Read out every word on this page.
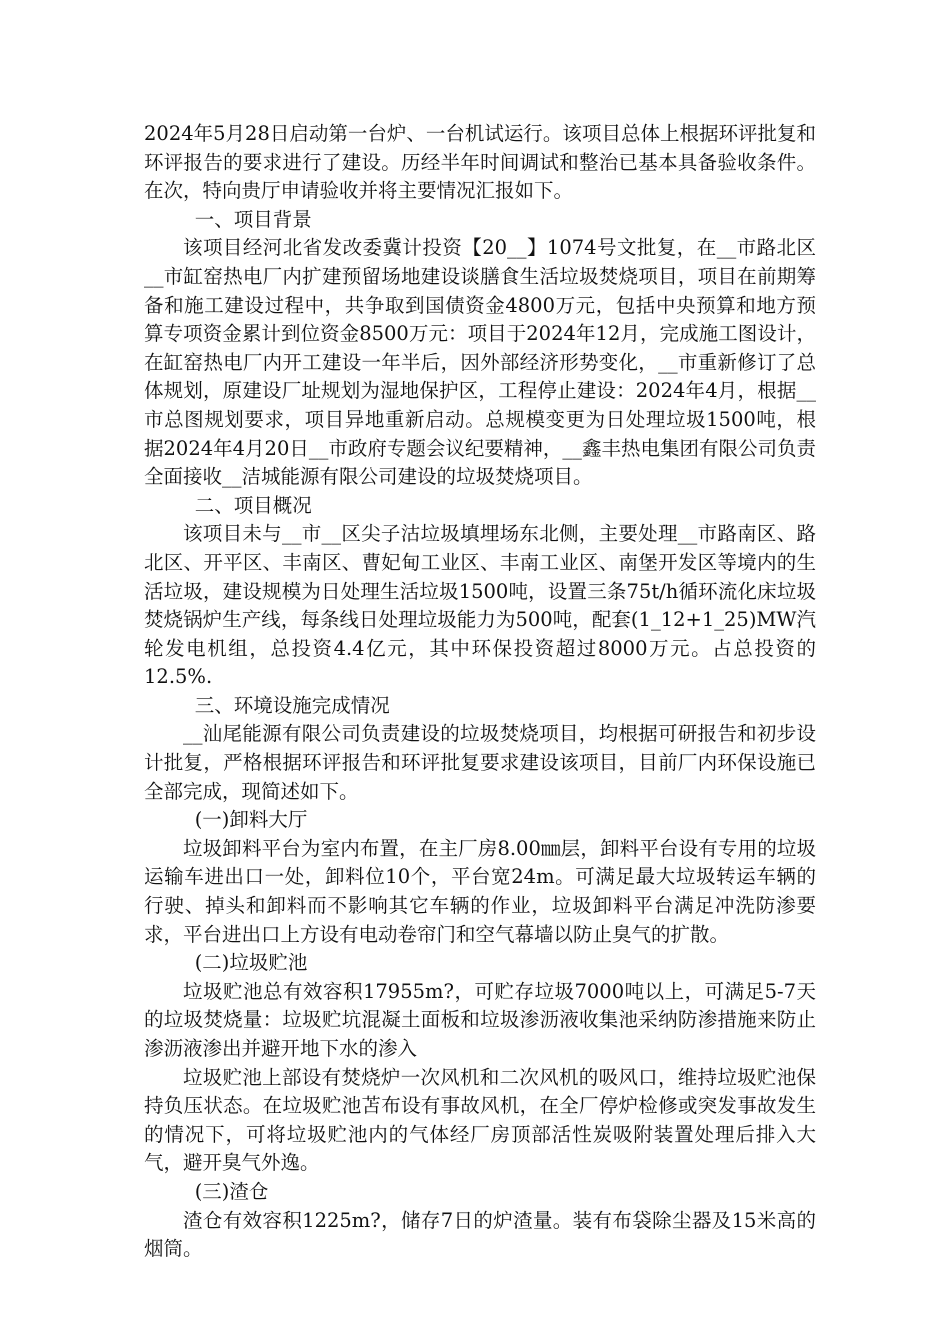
2024年5月28日启动第一台炉、一台机试运行。该项目总体上根据环评批复和环评报告的要求进行了建设。历经半年时间调试和整治已基本具备验收条件。在次，特向贵厅申请验收并将主要情况汇报如下。

一、项目背景

该项目经河北省发改委冀计投资【20__】1074号文批复，在__市路北区__市缸窑热电厂内扩建预留场地建设谈膳食生活垃圾焚烧项目，项目在前期筹备和施工建设过程中，共争取到国债资金4800万元，包括中央预算和地方预算专项资金累计到位资金8500万元：项目于2024年12月，完成施工图设计，在缸窑热电厂内开工建设一年半后，因外部经济形势变化，__市重新修订了总体规划，原建设厂址规划为湿地保护区，工程停止建设：2024年4月，根据__市总图规划要求，项目异地重新启动。总规模变更为日处理垃圾1500吨，根据2024年4月20日__市政府专题会议纪要精神，__鑫丰热电集团有限公司负责全面接收__洁城能源有限公司建设的垃圾焚烧项目。

二、项目概况

该项目未与__市__区尖子沽垃圾填埋场东北侧，主要处理__市路南区、路北区、开平区、丰南区、曹妃甸工业区、丰南工业区、南堡开发区等境内的生活垃圾，建设规模为日处理生活垃圾1500吨，设置三条75t/h循环流化床垃圾焚烧锅炉生产线，每条线日处理垃圾能力为500吨，配套(1_12+1_25)MW汽轮发电机组，总投资4.4亿元，其中环保投资超过8000万元。占总投资的12.5%.

三、环境设施完成情况

__汕尾能源有限公司负责建设的垃圾焚烧项目，均根据可研报告和初步设计批复，严格根据环评报告和环评批复要求建设该项目，目前厂内环保设施已全部完成，现简述如下。

(一)卸料大厅

垃圾卸料平台为室内布置，在主厂房8.00㎜层，卸料平台设有专用的垃圾运输车进出口一处，卸料位10个，平台宽24m。可满足最大垃圾转运车辆的行驶、掉头和卸料而不影响其它车辆的作业，垃圾卸料平台满足冲洗防渗要求，平台进出口上方设有电动卷帘门和空气幕墙以防止臭气的扩散。

(二)垃圾贮池

垃圾贮池总有效容积17955m?，可贮存垃圾7000吨以上，可满足5-7天的垃圾焚烧量：垃圾贮坑混凝土面板和垃圾渗沥液收集池采纳防渗措施来防止渗沥液渗出并避开地下水的渗入

垃圾贮池上部设有焚烧炉一次风机和二次风机的吸风口，维持垃圾贮池保持负压状态。在垃圾贮池苫布设有事故风机，在全厂停炉检修或突发事故发生的情况下，可将垃圾贮池内的气体经厂房顶部活性炭吸附装置处理后排入大气，避开臭气外逸。

(三)渣仓

渣仓有效容积1225m?，储存7日的炉渣量。装有布袋除尘器及15米高的烟筒。
